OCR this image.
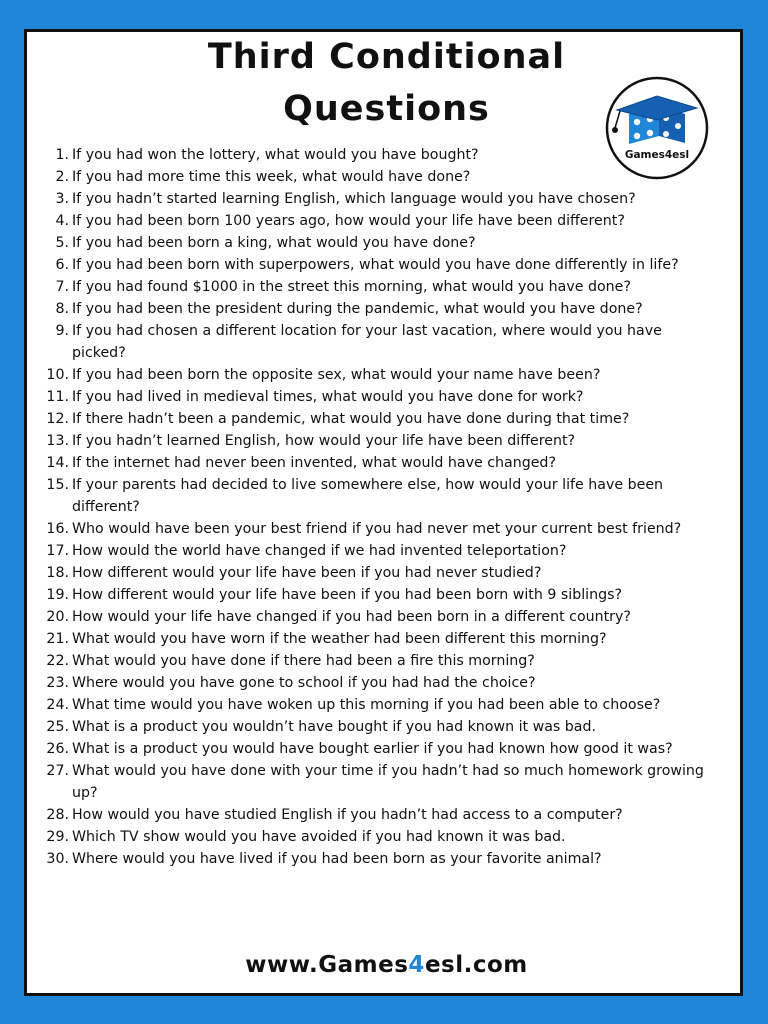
Third Conditional
Questions
Games4esl
1. If you had won the lottery, what would you have bought?
2. If you had more time this week, what would have done?
3. If you hadn’t started learning English, which language would you have chosen?
4. If you had been born 100 years ago, how would your life have been different?
5. If you had been born a king, what would you have done?
6. If you had been born with superpowers, what would you have done differently in life?
7. If you had found $1000 in the street this morning, what would you have done?
8. If you had been the president during the pandemic, what would you have done?
9. If you had chosen a different location for your last vacation, where would you have picked?
10. If you had been born the opposite sex, what would your name have been?
11. If you had lived in medieval times, what would you have done for work?
12. If there hadn’t been a pandemic, what would you have done during that time?
13. If you hadn’t learned English, how would your life have been different?
14. If the internet had never been invented, what would have changed?
15. If your parents had decided to live somewhere else, how would your life have been different?
16. Who would have been your best friend if you had never met your current best friend?
17. How would the world have changed if we had invented teleportation?
18. How different would your life have been if you had never studied?
19. How different would your life have been if you had been born with 9 siblings?
20. How would your life have changed if you had been born in a different country?
21. What would you have worn if the weather had been different this morning?
22. What would you have done if there had been a fire this morning?
23. Where would you have gone to school if you had had the choice?
24. What time would you have woken up this morning if you had been able to choose?
25. What is a product you wouldn’t have bought if you had known it was bad.
26. What is a product you would have bought earlier if you had known how good it was?
27. What would you have done with your time if you hadn’t had so much homework growing up?
28. How would you have studied English if you hadn’t had access to a computer?
29. Which TV show would you have avoided if you had known it was bad.
30. Where would you have lived if you had been born as your favorite animal?
www.Games4esl.com
